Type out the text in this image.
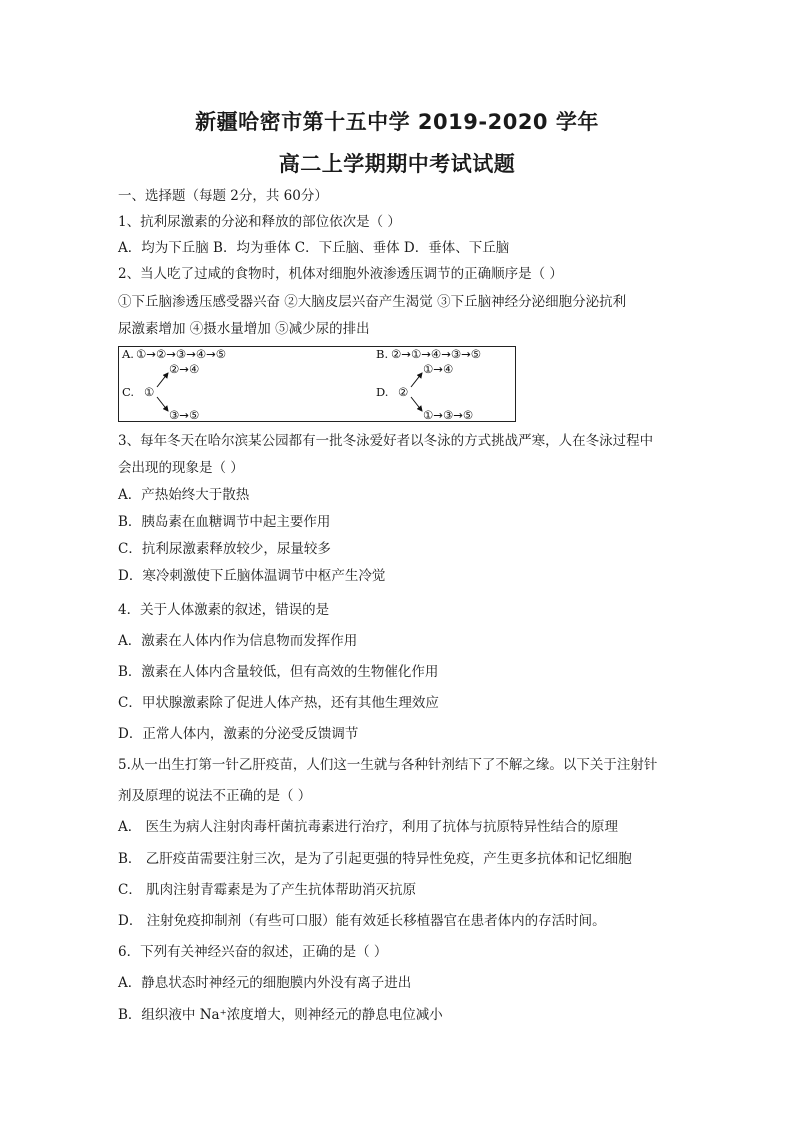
新疆哈密市第十五中学 2019-2020 学年
高二上学期期中考试试题
一、选择题（每题 2分，共 60分）
1、抗利尿激素的分泌和释放的部位依次是（ ）
A．均为下丘脑 B．均为垂体 C．下丘脑、垂体 D．垂体、下丘脑
2、当人吃了过咸的食物时，机体对细胞外液渗透压调节的正确顺序是（ ）
①下丘脑渗透压感受器兴奋 ②大脑皮层兴奋产生渴觉 ③下丘脑神经分泌细胞分泌抗利
尿激素增加 ④摄水量增加 ⑤减少尿的排出
A. ①→②→③→④→⑤	B. ②→①→④→③→⑤
C. ①
②→④
③→⑤
D. ②
①→④
①→③→⑤
3、每年冬天在哈尔滨某公园都有一批冬泳爱好者以冬泳的方式挑战严寒，人在冬泳过程中
会出现的现象是（ ）
A．产热始终大于散热
B．胰岛素在血糖调节中起主要作用
C．抗利尿激素释放较少，尿量较多
D．寒冷刺激使下丘脑体温调节中枢产生冷觉
4．关于人体激素的叙述，错误的是
A．激素在人体内作为信息物而发挥作用
B．激素在人体内含量较低，但有高效的生物催化作用
C．甲状腺激素除了促进人体产热，还有其他生理效应
D．正常人体内，激素的分泌受反馈调节
5.从一出生打第一针乙肝疫苗，人们这一生就与各种针剂结下了不解之缘。以下关于注射针
剂及原理的说法不正确的是（ ）
A． 医生为病人注射肉毒杆菌抗毒素进行治疗，利用了抗体与抗原特异性结合的原理
B． 乙肝疫苗需要注射三次，是为了引起更强的特异性免疫，产生更多抗体和记忆细胞
C． 肌肉注射青霉素是为了产生抗体帮助消灭抗原
D． 注射免疫抑制剂（有些可口服）能有效延长移植器官在患者体内的存活时间。
6．下列有关神经兴奋的叙述，正确的是（ ）
A．静息状态时神经元的细胞膜内外没有离子进出
B．组织液中 Na⁺浓度增大，则神经元的静息电位减小
